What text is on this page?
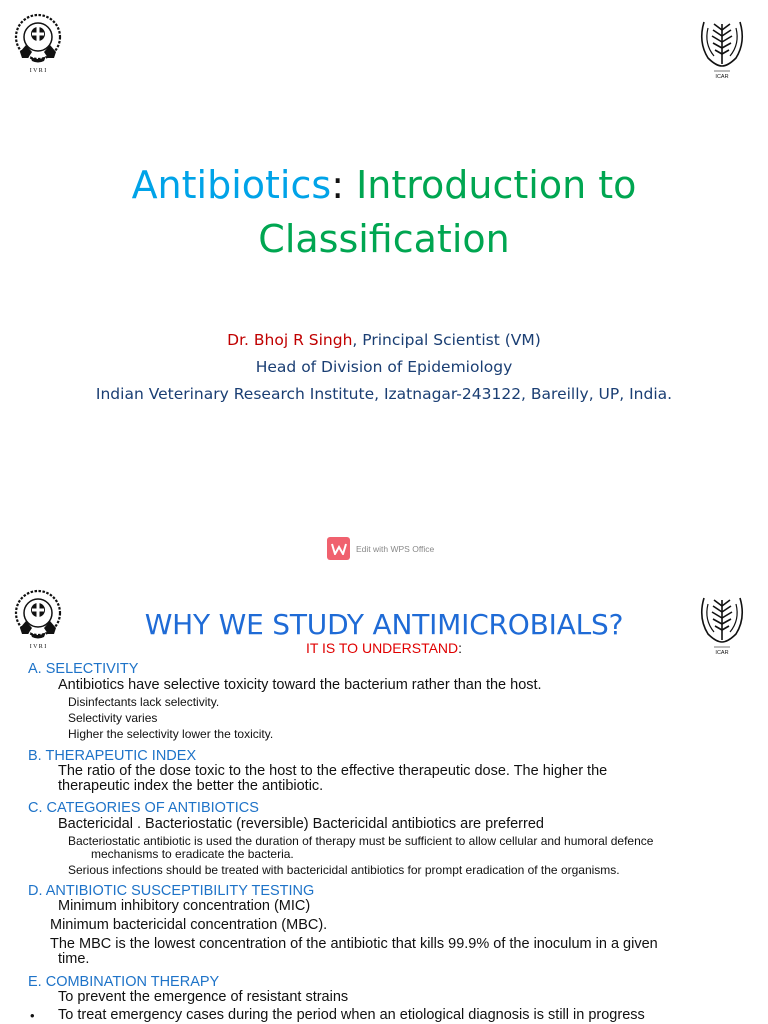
I V R I
ICAR
Antibiotics: Introduction to
Classification
Dr. Bhoj R Singh, Principal Scientist (VM)
Head of Division of Epidemiology
Indian Veterinary Research Institute, Izatnagar-243122, Bareilly, UP, India.
Edit with WPS Office
I V R I
ICAR
WHY WE STUDY ANTIMICROBIALS?
IT IS TO UNDERSTAND:
A. SELECTIVITY
Antibiotics have selective toxicity toward the bacterium rather than the host.
Disinfectants lack selectivity.
Selectivity varies
Higher the selectivity lower the toxicity.
B. THERAPEUTIC INDEX
The ratio of the dose toxic to the host to the effective therapeutic dose. The higher the
therapeutic index the better the antibiotic.
C. CATEGORIES OF ANTIBIOTICS
Bactericidal . Bacteriostatic (reversible) Bactericidal antibiotics are preferred
Bacteriostatic antibiotic is used the duration of therapy must be sufficient to allow cellular and humoral defence
mechanisms to eradicate the bacteria.
Serious infections should be treated with bactericidal antibiotics for prompt eradication of the organisms.
D. ANTIBIOTIC SUSCEPTIBILITY TESTING
Minimum inhibitory concentration (MIC)
Minimum bactericidal concentration (MBC).
The MBC is the lowest concentration of the antibiotic that kills 99.9% of the inoculum in a given
time.
E. COMBINATION THERAPY
To prevent the emergence of resistant strains
• To treat emergency cases during the period when an etiological diagnosis is still in progress
